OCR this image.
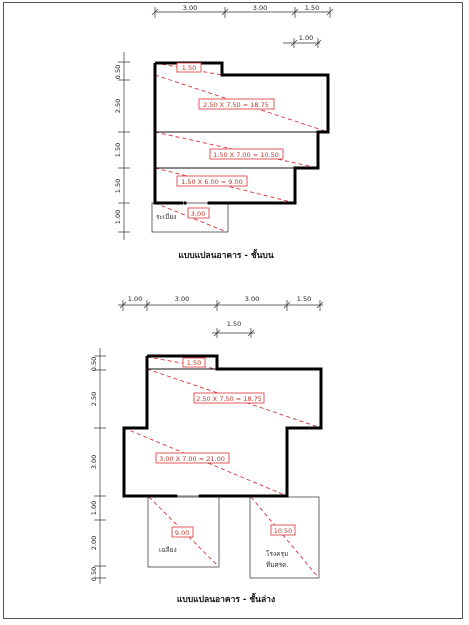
3.00	3.00	1.50
1.00
0.50
2.50
1.50
1.50
1.00
1.50
2.50 X 7.50 = 18.75
1.50 X 7.00 = 10.50
1.50 X 6.00 = 9.00
3.00
ระเบียง
แบบแปลนอาคาร - ชั้นบน
1.00	3.00	3.00	1.50
1.50
0.50
2.50
3.00
1.00
2.00
0.50
1.50
2.50 X 7.50 = 18.75
3.00 X 7.00 = 21.00
9.00	10.50
เฉลียง	โรงครุม
ทีมศรด.
แบบแปลนอาคาร - ชั้นล่าง
